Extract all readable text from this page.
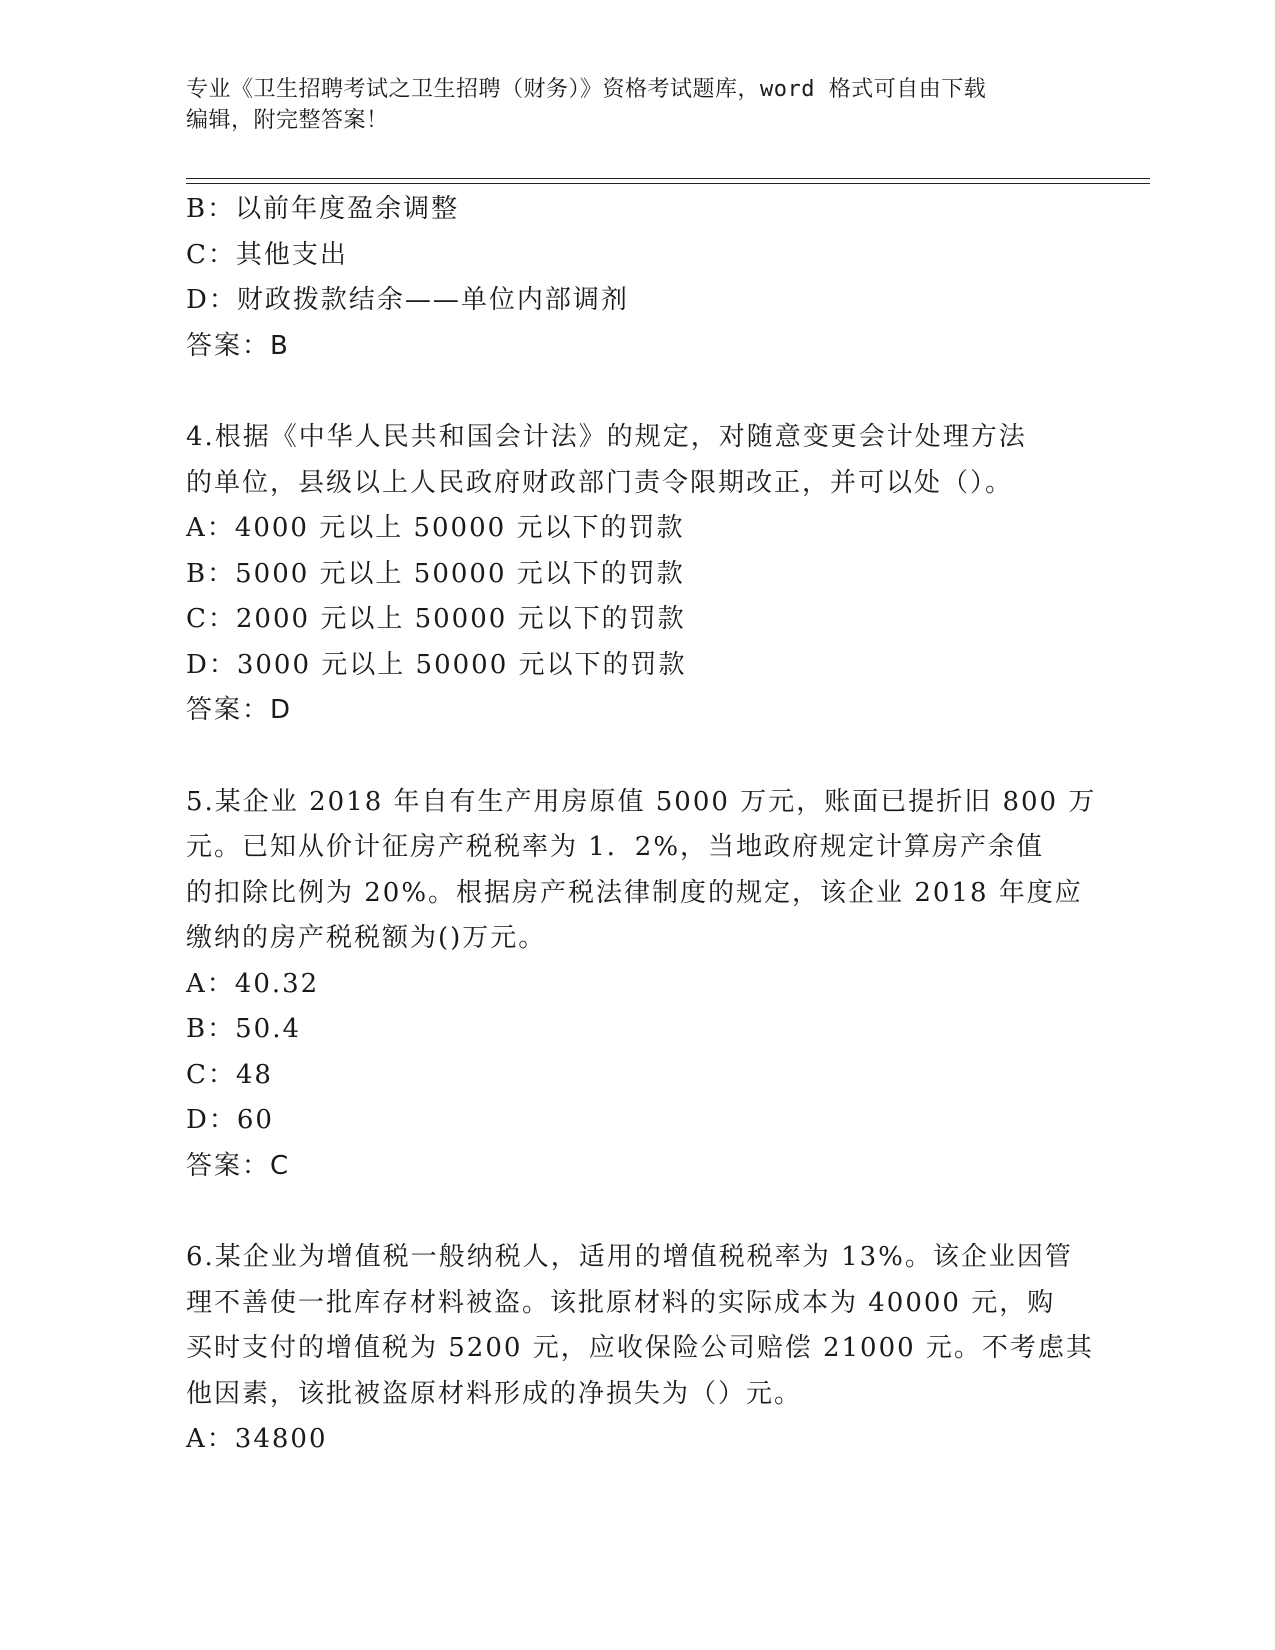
专业《卫生招聘考试之卫生招聘（财务）》资格考试题库，word 格式可自由下载
编辑，附完整答案！
B：以前年度盈余调整
C：其他支出
D：财政拨款结余——单位内部调剂
答案：B
4.根据《中华人民共和国会计法》的规定，对随意变更会计处理方法
的单位，县级以上人民政府财政部门责令限期改正，并可以处（）。
A：4000 元以上 50000 元以下的罚款
B：5000 元以上 50000 元以下的罚款
C：2000 元以上 50000 元以下的罚款
D：3000 元以上 50000 元以下的罚款
答案：D
5.某企业 2018 年自有生产用房原值 5000 万元，账面已提折旧 800 万
元。已知从价计征房产税税率为 1．2%，当地政府规定计算房产余值
的扣除比例为 20%。根据房产税法律制度的规定，该企业 2018 年度应
缴纳的房产税税额为()万元。
A：40.32
B：50.4
C：48
D：60
答案：C
6.某企业为增值税一般纳税人，适用的增值税税率为 13%。该企业因管
理不善使一批库存材料被盗。该批原材料的实际成本为 40000 元，购
买时支付的增值税为 5200 元，应收保险公司赔偿 21000 元。不考虑其
他因素，该批被盗原材料形成的净损失为（）元。
A：34800
